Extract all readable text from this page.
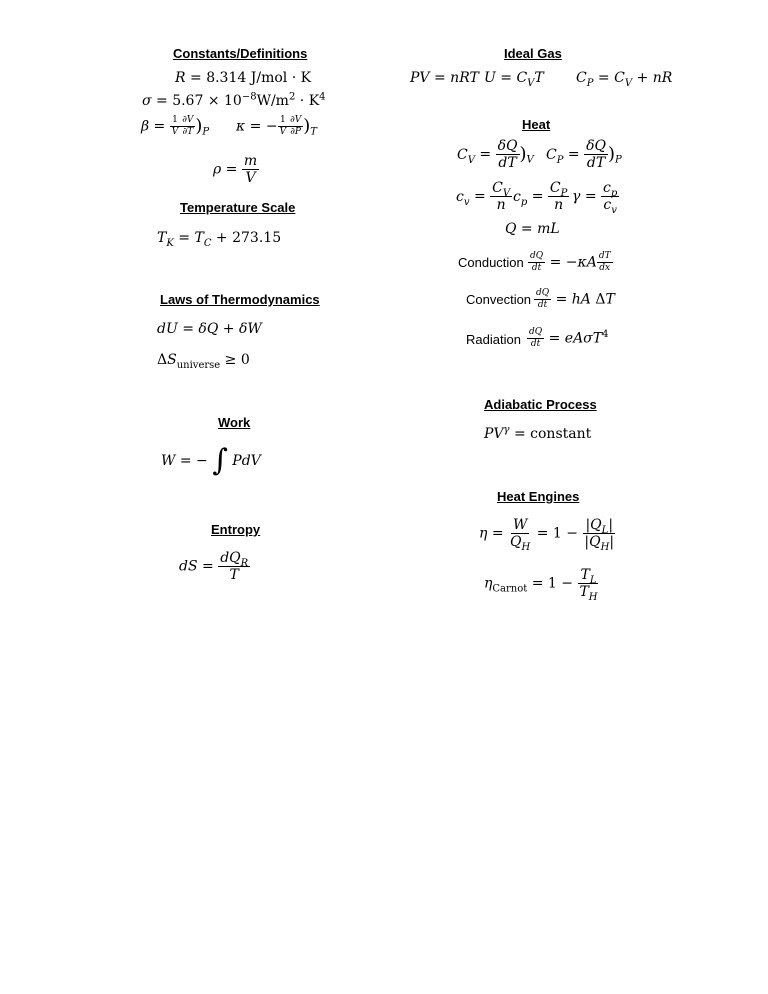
Constants/Definitions
R = 8.314 J/mol · K
$\sigma = 5.67 \times 10^{-8}W/m^2 \cdot K^4$
$\beta = \frac{1}{V} \frac{\partial V}{\partial T} )_P$ κ = − $\frac{1}{V} \frac{\partial V}{\partial P} )_T$
$\rho = \frac{m}{V}$
Temperature Scale
$T_K = T_C + 273.15$
Laws of Thermodynamics
dU = δQ + δW
$\Delta S_{universe} \ge 0$
Work
W = − ∫ PdV
Entropy
dS =
$dQ_R$
T
Ideal Gas
PV = nRT $U = C_VT$ $C_P = C_V$ + nR
Heat
$C_V = \frac{\delta Q}{dT} )_V$ $C_P = \frac{\delta Q}{dT} )_P$
$c_v = \frac{C_V}{n} c_p = \frac{C_P}{n}$ $\gamma = \frac{c_p}{c_v}$
Q = mL
Conduction $\frac{dQ}{dt} = -\kappa A \frac{dT}{dx}$
Convection $\frac{dQ}{dt}$ = hA ΔT
Radiation $\frac{dQ}{dt} = eA\sigma T^4$
Adiabatic Process
$PV^\gamma$ = constant
Heat Engines
$\eta = \frac{W}{Q_H} = 1 - \frac{|Q_L|}{|Q_H|}$
$\eta_{Carnot} = 1 - \frac{T_L}{T_H}$
